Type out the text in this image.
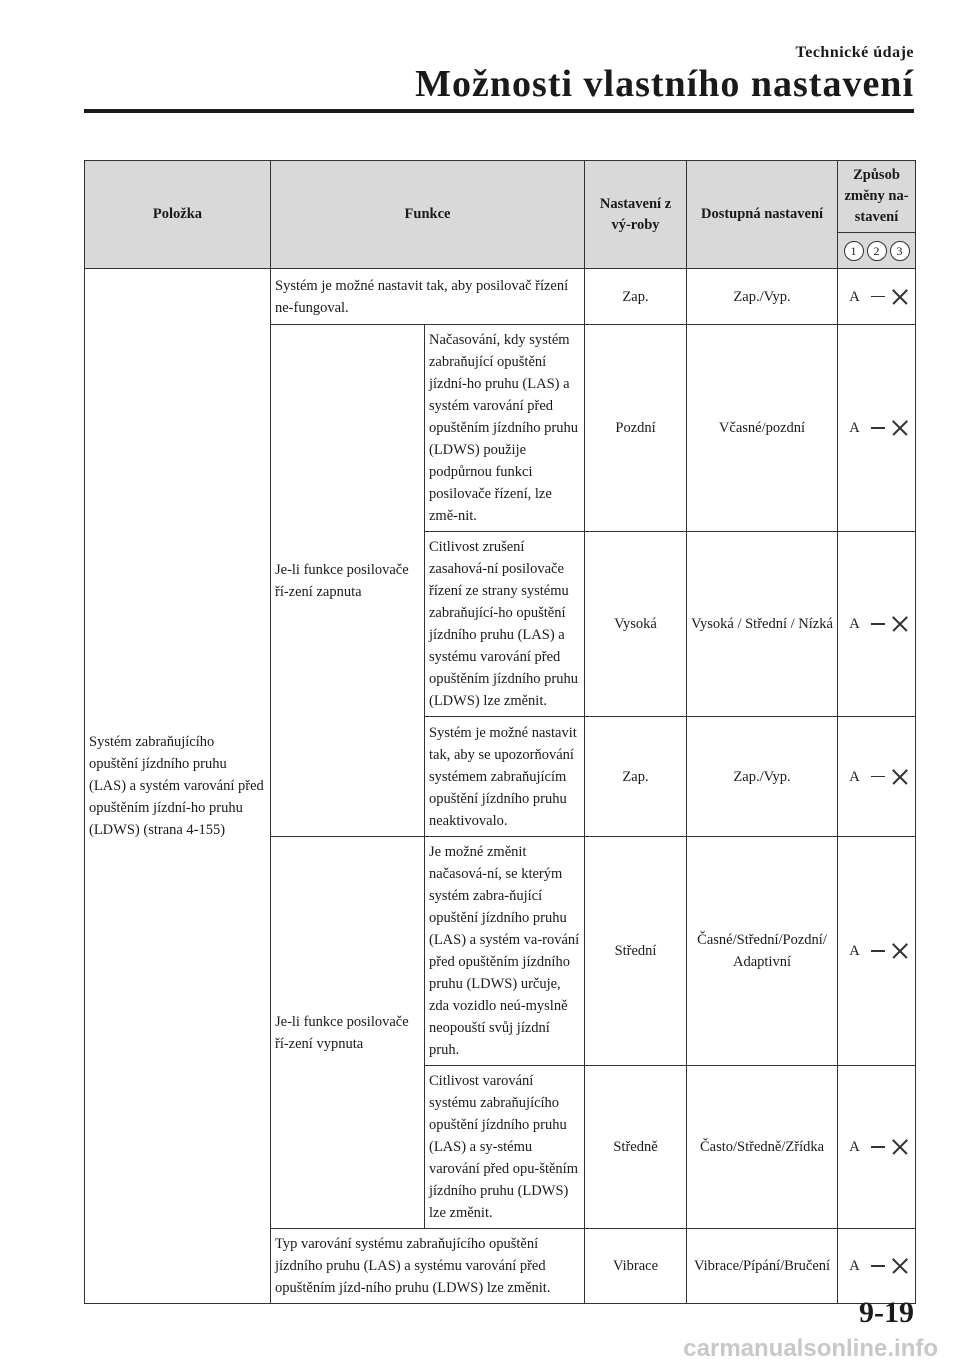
Technické údaje
Možnosti vlastního nastavení
Položka	Funkce		Nastavení z vý-roby	Dostupná nastavení	Způsob změny na-stavení

					1 2 3

Systém zabraňujícího opuštění jízdního pruhu (LAS) a systém varování před opuštěním jízdní-ho pruhu (LDWS) (strana 4-155)	Systém je možné nastavit tak, aby posilovač řízení ne-fungoval.		Zap.	Zap./Vyp.	A

	Je-li funkce posilovače ří-zení zapnuta	Načasování, kdy systém zabraňující opuštění jízdní-ho pruhu (LAS) a systém varování před opuštěním jízdního pruhu (LDWS) použije podpůrnou funkci posilovače řízení, lze změ-nit.	Pozdní	Včasné/pozdní	A

		Citlivost zrušení zasahová-ní posilovače řízení ze strany systému zabraňující-ho opuštění jízdního pruhu (LAS) a systému varování před opuštěním jízdního pruhu (LDWS) lze změnit.	Vysoká	Vysoká / Střední / Nízká	A

		Systém je možné nastavit tak, aby se upozorňování systémem zabraňujícím opuštění jízdního pruhu neaktivovalo.	Zap.	Zap./Vyp.	A

	Je-li funkce posilovače ří-zení vypnuta	Je možné změnit načasová-ní, se kterým systém zabra-ňující opuštění jízdního pruhu (LAS) a systém va-rování před opuštěním jízdního pruhu (LDWS) určuje, zda vozidlo neú-myslně neopouští svůj jízdní pruh.	Střední	Časné/Střední/Pozdní/ Adaptivní	A

		Citlivost varování systému zabraňujícího opuštění jízdního pruhu (LAS) a sy-stému varování před opu-štěním jízdního pruhu (LDWS) lze změnit.	Středně	Často/Středně/Zřídka	A

	Typ varování systému zabraňujícího opuštění jízdního pruhu (LAS) a systému varování před opuštěním jízd-ního pruhu (LDWS) lze změnit.		Vibrace	Vibrace/Pípání/Bručení	A
9-19
carmanualsonline.info
